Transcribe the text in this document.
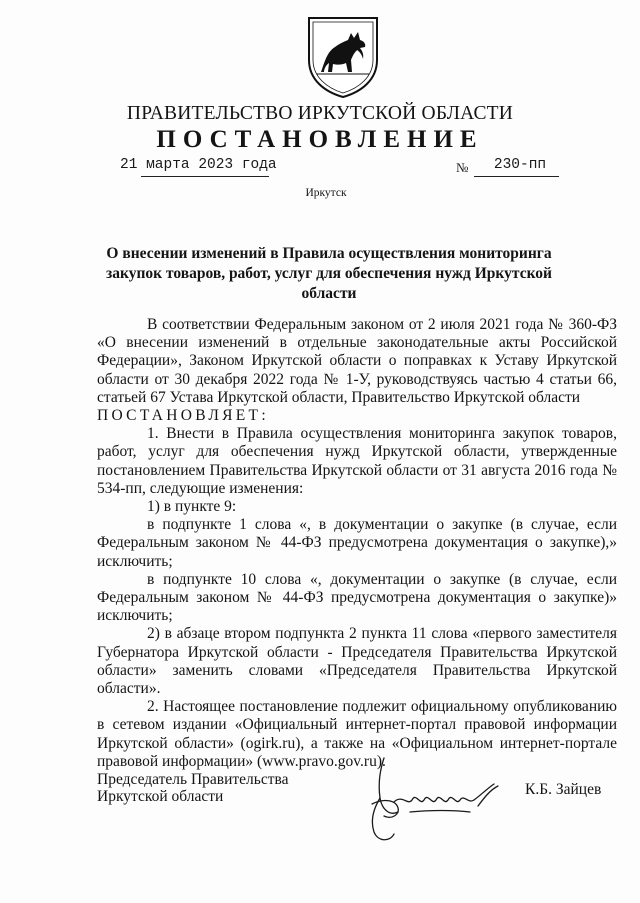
ПРАВИТЕЛЬСТВО ИРКУТСКОЙ ОБЛАСТИ
ПОСТАНОВЛЕНИЕ
21 марта 2023 года	№	230-пп
Иркутск
О внесении изменений в Правила осуществления мониторинга закупок товаров, работ, услуг для обеспечения нужд Иркутской области

В соответствии Федеральным законом от 2 июля 2021 года № 360-ФЗ «О внесении изменений в отдельные законодательные акты Российской Федерации», Законом Иркутской области о поправках к Уставу Иркутской области от 30 декабря 2022 года № 1-У, руководствуясь частью 4 статьи 66, статьей 67 Устава Иркутской области, Правительство Иркутской области

ПОСТАНОВЛЯЕТ:

1. Внести в Правила осуществления мониторинга закупок товаров, работ, услуг для обеспечения нужд Иркутской области, утвержденные постановлением Правительства Иркутской области от 31 августа 2016 года № 534-пп, следующие изменения:

1) в пункте 9:

в подпункте 1 слова «, в документации о закупке (в случае, если Федеральным законом № 44-ФЗ предусмотрена документация о закупке),» исключить;

в подпункте 10 слова «, документации о закупке (в случае, если Федеральным законом № 44-ФЗ предусмотрена документация о закупке)» исключить;

2) в абзаце втором подпункта 2 пункта 11 слова «первого заместителя Губернатора Иркутской области - Председателя Правительства Иркутской области» заменить словами «Председателя Правительства Иркутской области».

2. Настоящее постановление подлежит официальному опубликованию в сетевом издании «Официальный интернет-портал правовой информации Иркутской области» (ogirk.ru), а также на «Официальном интернет-портале правовой информации» (www.pravo.gov.ru).

Председатель Правительства
Иркутской области	К.Б. Зайцев
